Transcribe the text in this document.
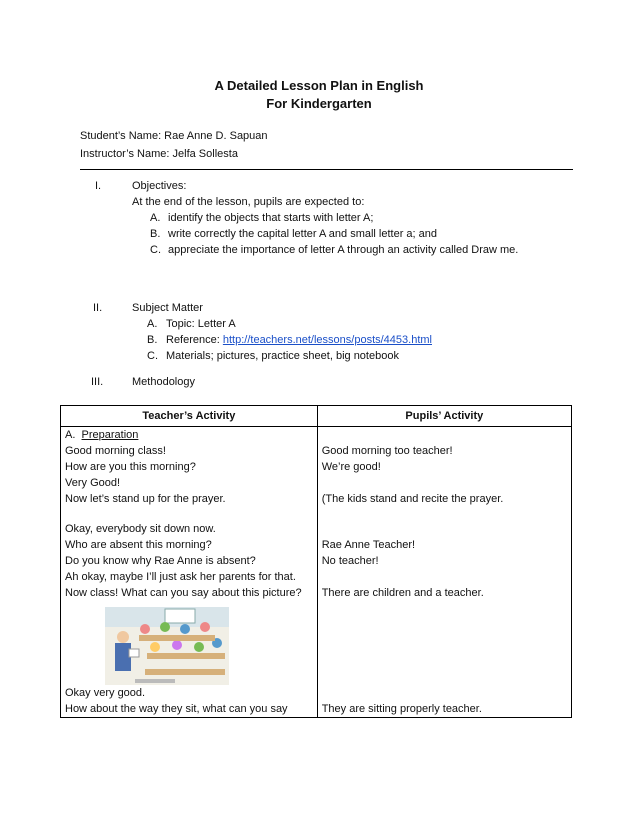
A Detailed Lesson Plan in English
For Kindergarten
Student’s Name: Rae Anne D. Sapuan
Instructor’s Name: Jelfa Sollesta
I.	Objectives:
At the end of the lesson, pupils are expected to:
A. identify the objects that starts with letter A;
B. write correctly the capital letter A and small letter a; and
C. appreciate the importance of letter A through an activity called Draw me.
II.	Subject Matter
A. Topic: Letter A
B. Reference: http://teachers.net/lessons/posts/4453.html
C. Materials; pictures, practice sheet, big notebook
III.	Methodology
Teacher’s Activity	Pupils’ Activity
A. Preparation	
Good morning class!	Good morning too teacher!
How are you this morning?	We’re good!
Very Good!	
Now let’s stand up for the prayer.	(The kids stand and recite the prayer.

Okay, everybody sit down now.	
Who are absent this morning?	Rae Anne Teacher!
Do you know why Rae Anne is absent?	No teacher!
Ah okay, maybe I’ll just ask her parents for that.	

Now class! What can you say about this picture?	There are children and a teacher.
Okay very good.	
How about the way they sit, what can you say	They are sitting properly teacher.
